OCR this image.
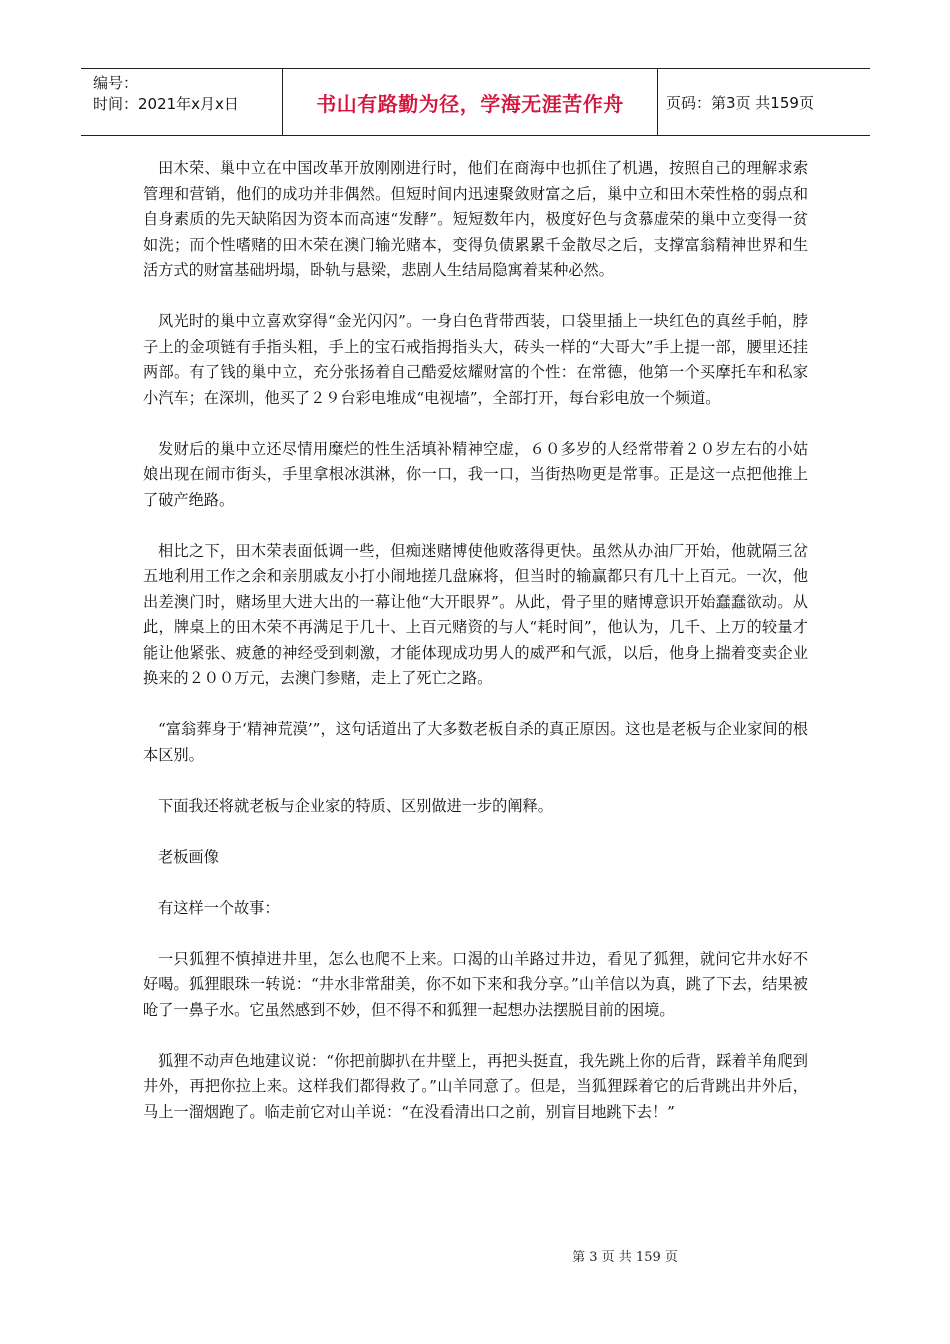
编号：
时间：2021年x月x日	书山有路勤为径，学海无涯苦作舟	页码：第3页 共159页

田木荣、巢中立在中国改革开放刚刚进行时，他们在商海中也抓住了机遇，按照自己的理解求索管理和营销，他们的成功并非偶然。但短时间内迅速聚敛财富之后，巢中立和田木荣性格的弱点和自身素质的先天缺陷因为资本而高速“发酵”。短短数年内，极度好色与贪慕虚荣的巢中立变得一贫如洗；而个性嗜赌的田木荣在澳门输光赌本，变得负债累累千金散尽之后，支撑富翁精神世界和生活方式的财富基础坍塌，卧轨与悬梁，悲剧人生结局隐寓着某种必然。

风光时的巢中立喜欢穿得“金光闪闪”。一身白色背带西装，口袋里插上一块红色的真丝手帕，脖子上的金项链有手指头粗，手上的宝石戒指拇指头大，砖头一样的“大哥大”手上提一部，腰里还挂两部。有了钱的巢中立，充分张扬着自己酷爱炫耀财富的个性：在常德，他第一个买摩托车和私家小汽车；在深圳，他买了２９台彩电堆成“电视墙”，全部打开，每台彩电放一个频道。

发财后的巢中立还尽情用糜烂的性生活填补精神空虚，６０多岁的人经常带着２０岁左右的小姑娘出现在闹市街头，手里拿根冰淇淋，你一口，我一口，当街热吻更是常事。正是这一点把他推上了破产绝路。

相比之下，田木荣表面低调一些，但痴迷赌博使他败落得更快。虽然从办油厂开始，他就隔三岔五地利用工作之余和亲朋戚友小打小闹地搓几盘麻将，但当时的输赢都只有几十上百元。一次，他出差澳门时，赌场里大进大出的一幕让他“大开眼界”。从此，骨子里的赌博意识开始蠢蠢欲动。从此，牌桌上的田木荣不再满足于几十、上百元赌资的与人“耗时间”，他认为，几千、上万的较量才能让他紧张、疲惫的神经受到刺激，才能体现成功男人的威严和气派，以后，他身上揣着变卖企业换来的２００万元，去澳门参赌，走上了死亡之路。

“富翁葬身于‘精神荒漠’”，这句话道出了大多数老板自杀的真正原因。这也是老板与企业家间的根本区别。

下面我还将就老板与企业家的特质、区别做进一步的阐释。

老板画像

有这样一个故事：

一只狐狸不慎掉进井里，怎么也爬不上来。口渴的山羊路过井边，看见了狐狸，就问它井水好不好喝。狐狸眼珠一转说：“井水非常甜美，你不如下来和我分享。”山羊信以为真，跳了下去，结果被呛了一鼻子水。它虽然感到不妙，但不得不和狐狸一起想办法摆脱目前的困境。

狐狸不动声色地建议说：“你把前脚扒在井壁上，再把头挺直，我先跳上你的后背，踩着羊角爬到井外，再把你拉上来。这样我们都得救了。”山羊同意了。但是，当狐狸踩着它的后背跳出井外后，马上一溜烟跑了。临走前它对山羊说：“在没看清出口之前，别盲目地跳下去！”

第 3 页 共 159 页
